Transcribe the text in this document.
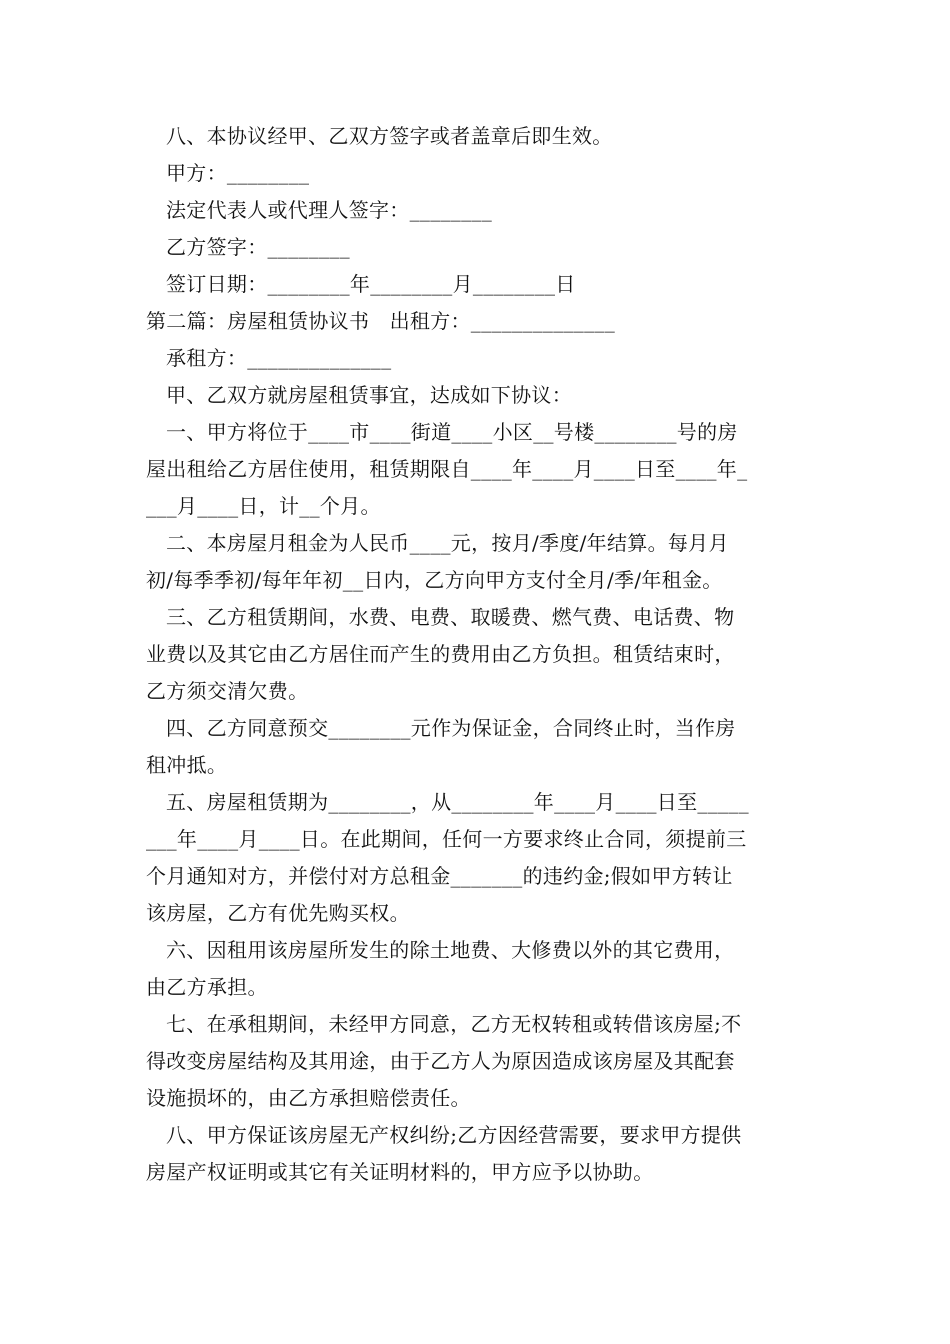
八、本协议经甲、乙双方签字或者盖章后即生效。
甲方：________
法定代表人或代理人签字：________
乙方签字：________
签订日期：________年________月________日
第二篇：房屋租赁协议书　出租方：______________
承租方：______________
甲、乙双方就房屋租赁事宜，达成如下协议：
一、甲方将位于____市____街道____小区__号楼________号的房
屋出租给乙方居住使用，租赁期限自____年____月____日至____年_
___月____日，计__个月。
二、本房屋月租金为人民币____元，按月/季度/年结算。每月月
初/每季季初/每年年初__日内，乙方向甲方支付全月/季/年租金。
三、乙方租赁期间，水费、电费、取暖费、燃气费、电话费、物
业费以及其它由乙方居住而产生的费用由乙方负担。租赁结束时，
乙方须交清欠费。
四、乙方同意预交________元作为保证金，合同终止时，当作房
租冲抵。
五、房屋租赁期为________，从________年____月____日至_____
___年____月____日。在此期间，任何一方要求终止合同，须提前三
个月通知对方，并偿付对方总租金_______的违约金;假如甲方转让
该房屋，乙方有优先购买权。
六、因租用该房屋所发生的除土地费、大修费以外的其它费用，
由乙方承担。
七、在承租期间，未经甲方同意，乙方无权转租或转借该房屋;不
得改变房屋结构及其用途，由于乙方人为原因造成该房屋及其配套
设施损坏的，由乙方承担赔偿责任。
八、甲方保证该房屋无产权纠纷;乙方因经营需要，要求甲方提供
房屋产权证明或其它有关证明材料的，甲方应予以协助。
